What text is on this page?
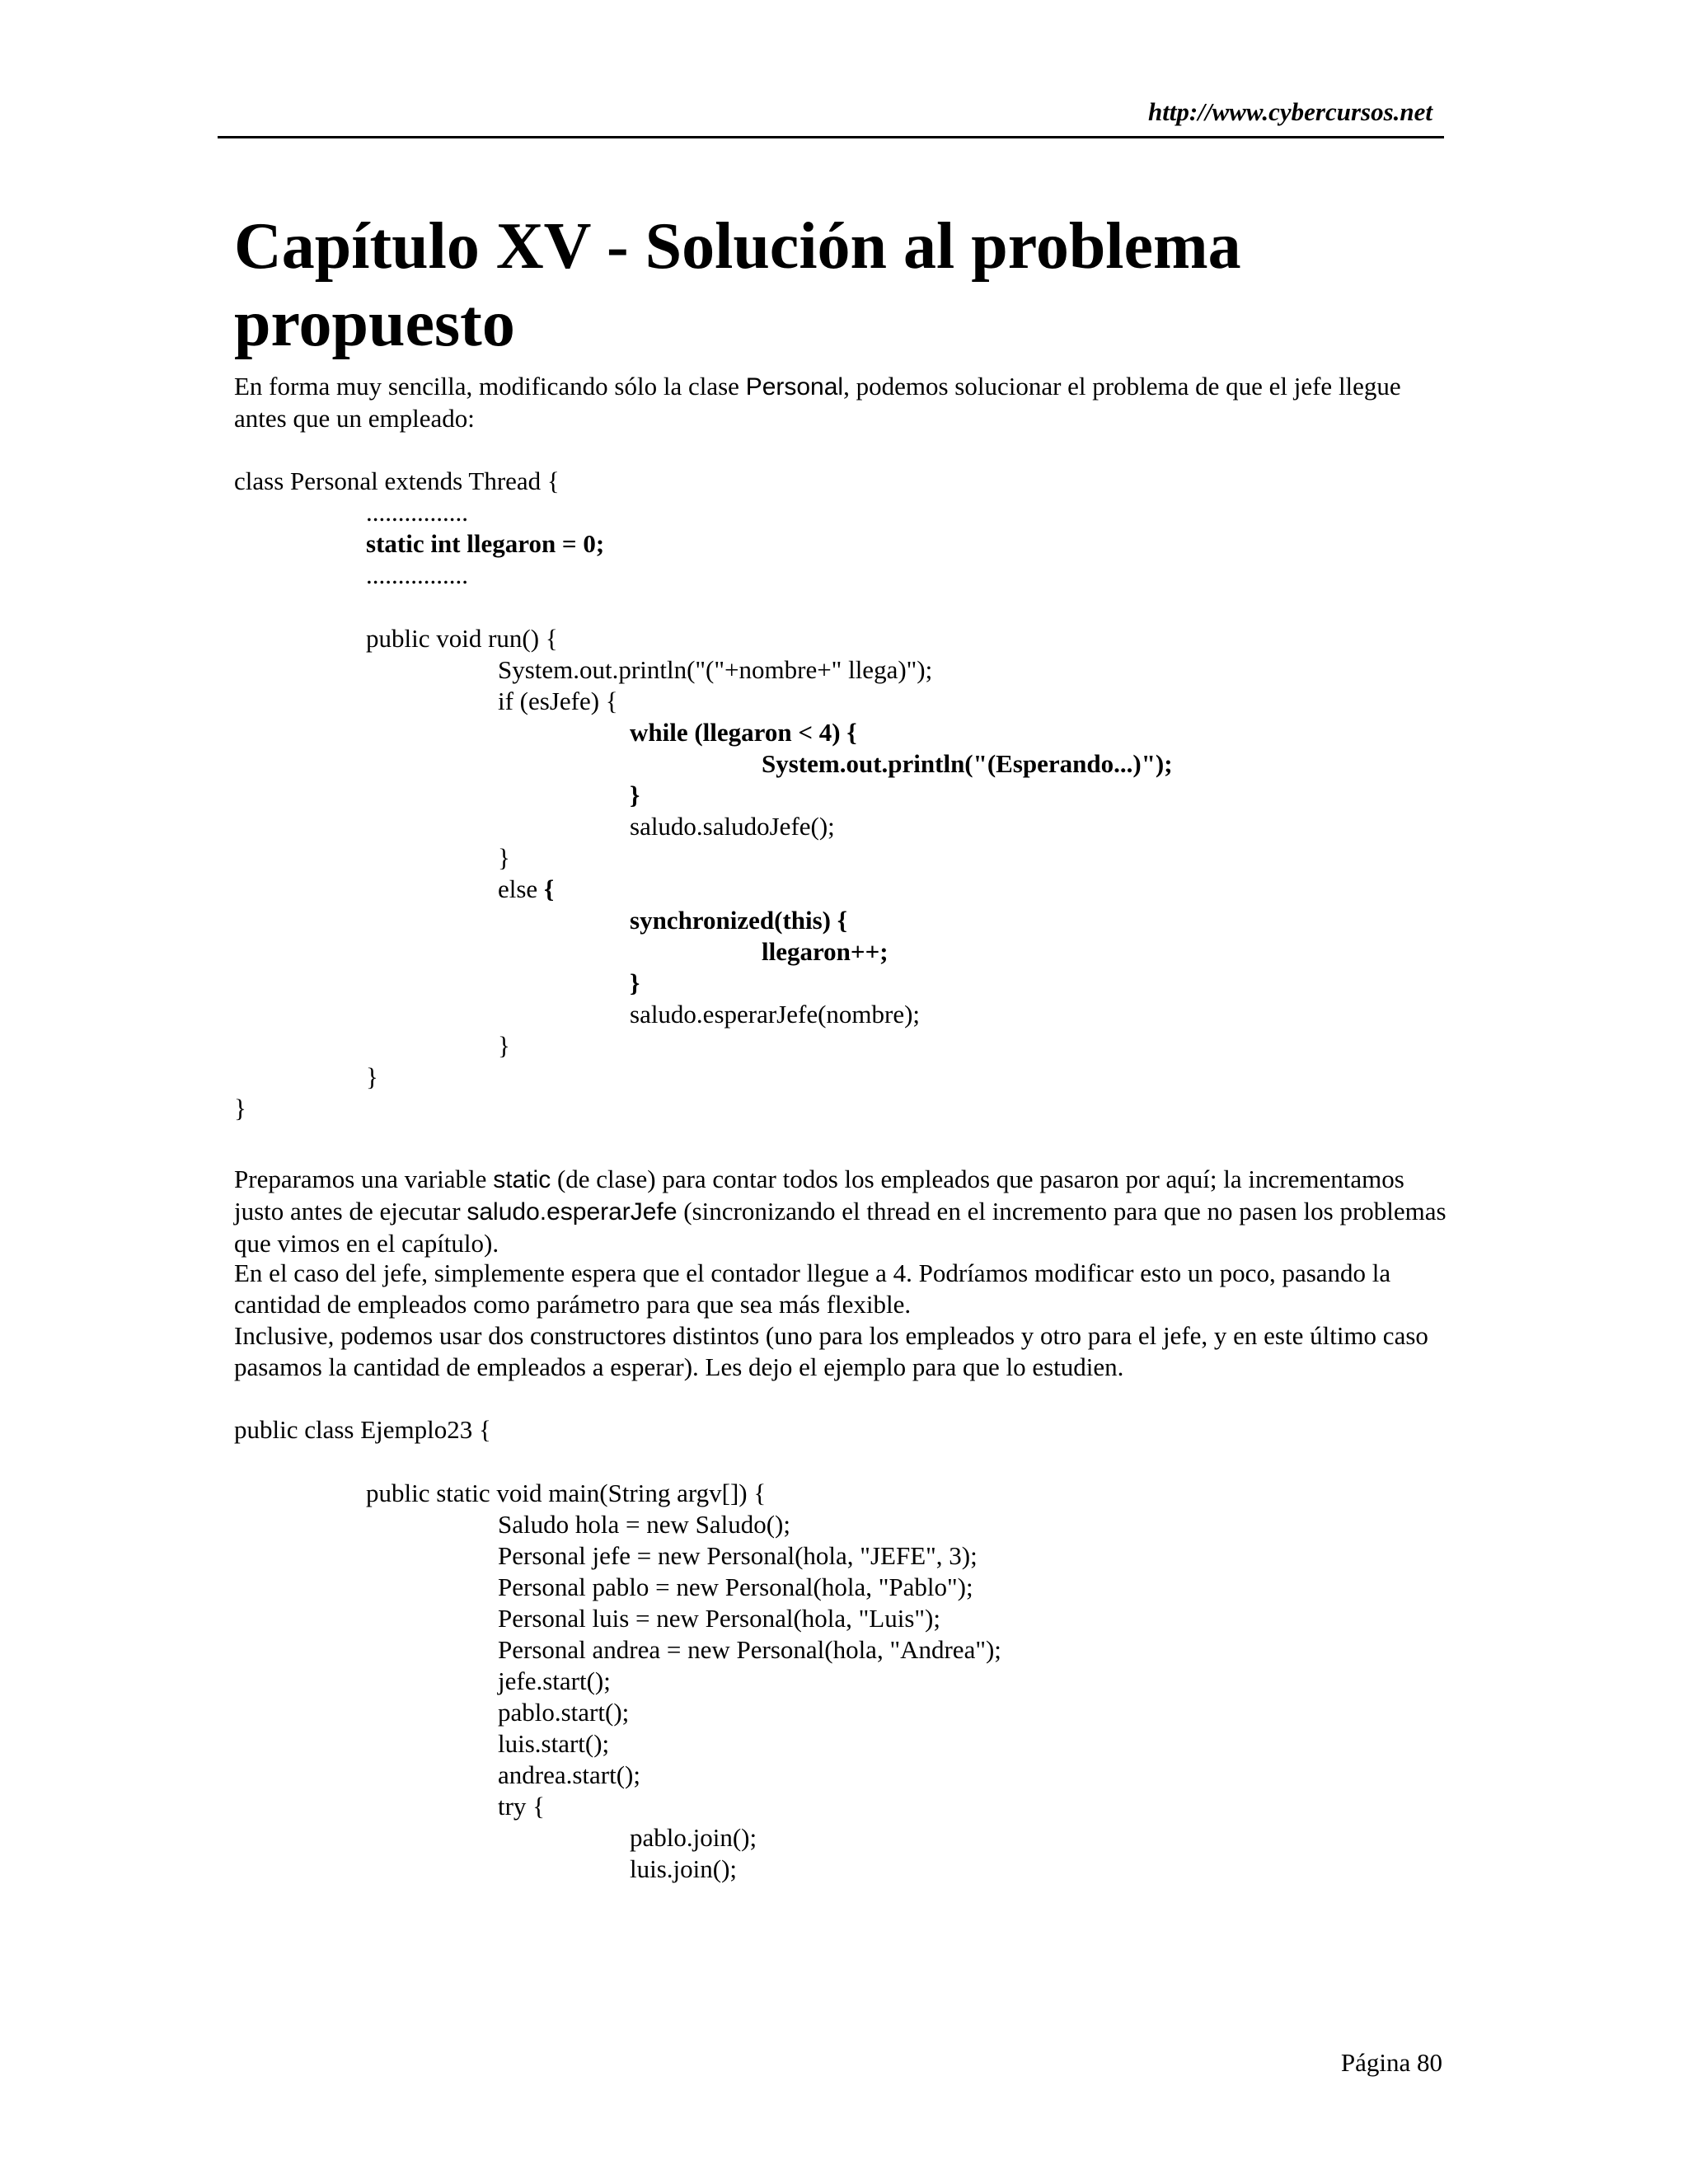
http://www.cybercursos.net
Capítulo XV - Solución al problema propuesto

En forma muy sencilla, modificando sólo la clase Personal, podemos solucionar el problema de que el jefe llegue antes que un empleado:

class Personal extends Thread {
................
static int llegaron = 0;
................
public void run() {
System.out.println("("+nombre+" llega)");
if (esJefe) {
while (llegaron < 4) {
System.out.println("(Esperando...)");
}
saludo.saludoJefe();
}
else {
synchronized(this) {
llegaron++;
}
saludo.esperarJefe(nombre);
}
}
}

Preparamos una variable static (de clase) para contar todos los empleados que pasaron por aquí; la incrementamos justo antes de ejecutar saludo.esperarJefe (sincronizando el thread en el incremento para que no pasen los problemas que vimos en el capítulo).

En el caso del jefe, simplemente espera que el contador llegue a 4. Podríamos modificar esto un poco, pasando la cantidad de empleados como parámetro para que sea más flexible.

Inclusive, podemos usar dos constructores distintos (uno para los empleados y otro para el jefe, y en este último caso pasamos la cantidad de empleados a esperar). Les dejo el ejemplo para que lo estudien.

public class Ejemplo23 {
public static void main(String argv[]) {
Saludo hola = new Saludo();
Personal jefe = new Personal(hola, "JEFE", 3);
Personal pablo = new Personal(hola, "Pablo");
Personal luis = new Personal(hola, "Luis");
Personal andrea = new Personal(hola, "Andrea");
jefe.start();
pablo.start();
luis.start();
andrea.start();
try {
pablo.join();
luis.join();
Página 80
